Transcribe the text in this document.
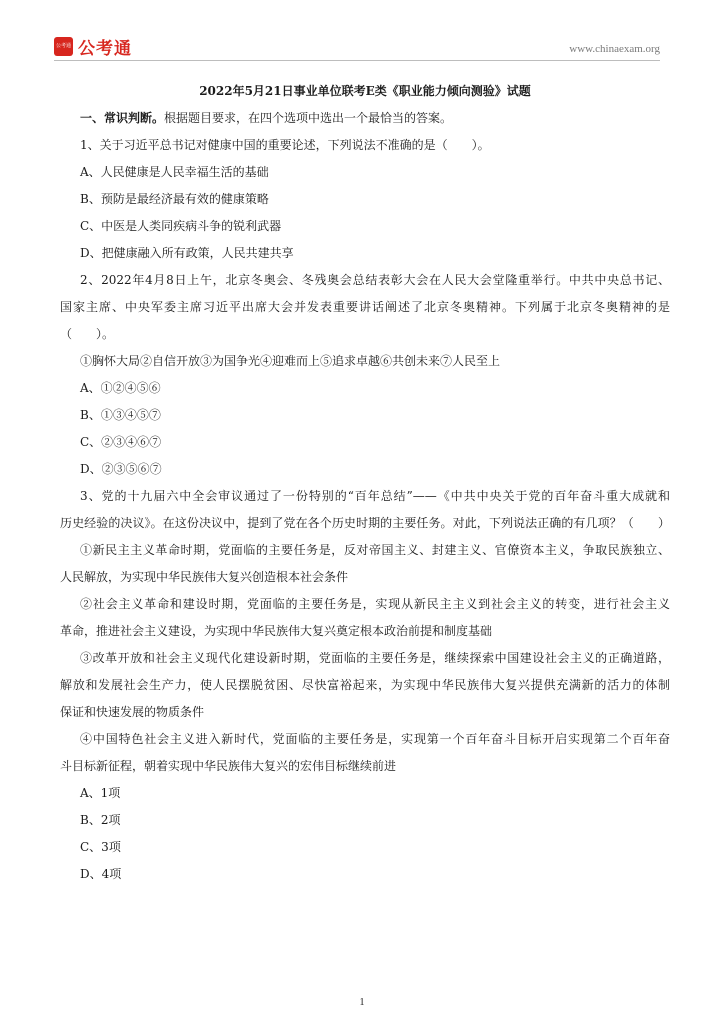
公考通 公考通	www.chinaexam.org
2022年5月21日事业单位联考E类《职业能力倾向测验》试题
一、常识判断。根据题目要求，在四个选项中选出一个最恰当的答案。
1、关于习近平总书记对健康中国的重要论述，下列说法不准确的是（　　）。
A、人民健康是人民幸福生活的基础
B、预防是最经济最有效的健康策略
C、中医是人类同疾病斗争的锐利武器
D、把健康融入所有政策，人民共建共享
2、2022年4月8日上午，北京冬奥会、冬残奥会总结表彰大会在人民大会堂隆重举行。中共中央总书记、
国家主席、中央军委主席习近平出席大会并发表重要讲话阐述了北京冬奥精神。下列属于北京冬奥精神的是
（　　）。
①胸怀大局②自信开放③为国争光④迎难而上⑤追求卓越⑥共创未来⑦人民至上
A、①②④⑤⑥
B、①③④⑤⑦
C、②③④⑥⑦
D、②③⑤⑥⑦
3、党的十九届六中全会审议通过了一份特别的“百年总结”——《中共中央关于党的百年奋斗重大成就和
历史经验的决议》。在这份决议中，提到了党在各个历史时期的主要任务。对此，下列说法正确的有几项？（　　）
①新民主主义革命时期，党面临的主要任务是，反对帝国主义、封建主义、官僚资本主义，争取民族独立、
人民解放，为实现中华民族伟大复兴创造根本社会条件
②社会主义革命和建设时期，党面临的主要任务是，实现从新民主主义到社会主义的转变，进行社会主义
革命，推进社会主义建设，为实现中华民族伟大复兴奠定根本政治前提和制度基础
③改革开放和社会主义现代化建设新时期，党面临的主要任务是，继续探索中国建设社会主义的正确道路，
解放和发展社会生产力，使人民摆脱贫困、尽快富裕起来，为实现中华民族伟大复兴提供充满新的活力的体制
保证和快速发展的物质条件
④中国特色社会主义进入新时代，党面临的主要任务是，实现第一个百年奋斗目标开启实现第二个百年奋
斗目标新征程，朝着实现中华民族伟大复兴的宏伟目标继续前进
A、1项
B、2项
C、3项
D、4项
1
